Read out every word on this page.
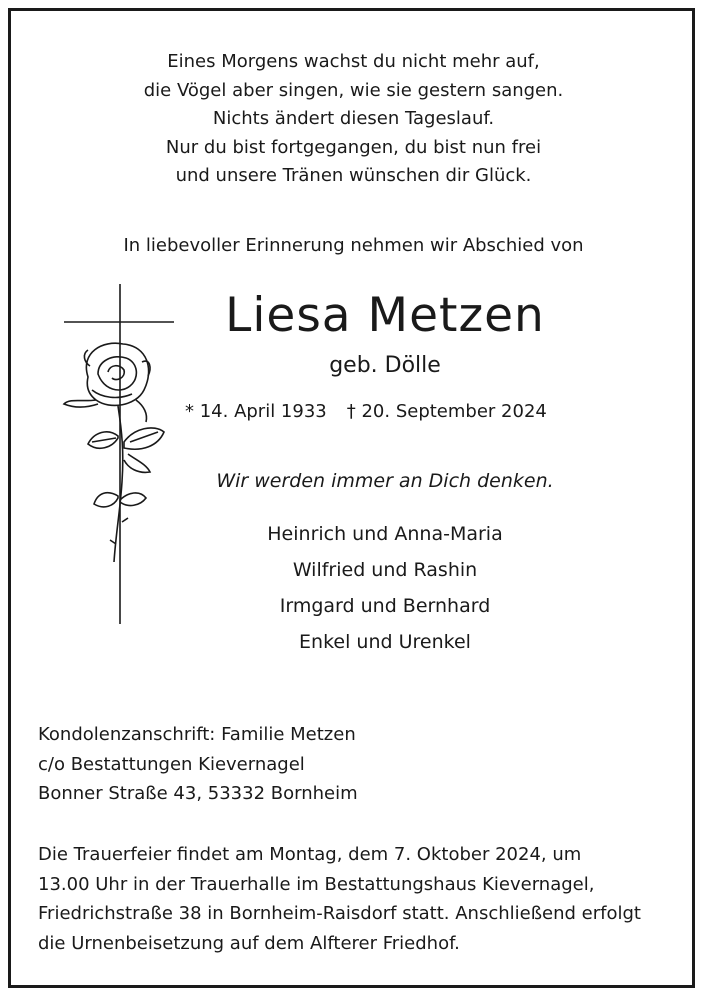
Eines Morgens wachst du nicht mehr auf,
die Vögel aber singen, wie sie gestern sangen.
Nichts ändert diesen Tageslauf.
Nur du bist fortgegangen, du bist nun frei
und unsere Tränen wünschen dir Glück.
In liebevoller Erinnerung nehmen wir Abschied von
Liesa Metzen
geb. Dölle
* 14. April 1933 † 20. September 2024
Wir werden immer an Dich denken.
Heinrich und Anna-Maria
Wilfried und Rashin
Irmgard und Bernhard
Enkel und Urenkel
Kondolenzanschrift: Familie Metzen
c/o Bestattungen Kievernagel
Bonner Straße 43, 53332 Bornheim
Die Trauerfeier findet am Montag, dem 7. Oktober 2024, um
13.00 Uhr in der Trauerhalle im Bestattungshaus Kievernagel,
Friedrichstraße 38 in Bornheim-Raisdorf statt. Anschließend erfolgt
die Urnenbeisetzung auf dem Alfterer Friedhof.
